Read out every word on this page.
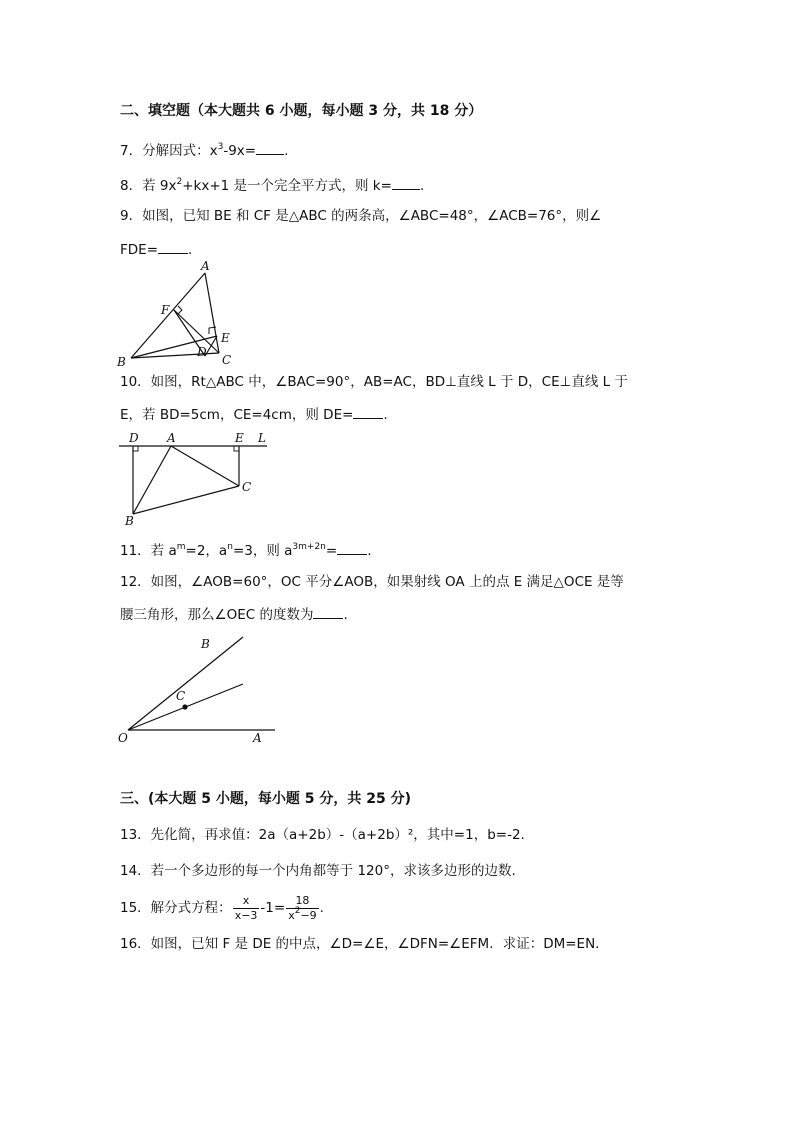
二、填空题（本大题共 6 小题，每小题 3 分，共 18 分）
7．分解因式：$x^3-9x=$ .
8．若 $9x^2+kx+1$ 是一个完全平方式，则 k= .
9．如图，已知 BE 和 CF 是△ABC 的两条高，∠ABC=48°，∠ACB=76°，则∠
FDE= .
A
F
E
D
B	C
10．如图，Rt△ABC 中，∠BAC=90°，AB=AC，BD⊥直线 L 于 D，CE⊥直线 L 于
E，若 BD=5cm，CE=4cm，则 DE= .
D A	E L
C
B
11．若 $a^m=2$，$a^n=3$，则 $a^{3m+2n}=$ .
12．如图，∠AOB=60°，OC 平分∠AOB，如果射线 OA 上的点 E 满足△OCE 是等
腰三角形，那么∠OEC 的度数为 .
B
C
O	A
三、(本大题 5 小题，每小题 5 分，共 25 分)
13．先化简，再求值：2a（a+2b）-（a+2b）²，其中=1，b=-2.
14．若一个多边形的每一个内角都等于 120°，求该多边形的边数.
15．解分式方程： $\frac{x}{x-3} -1= \frac{18}{x^2-9}$ .
16．如图，已知 F 是 DE 的中点，∠D=∠E，∠DFN=∠EFM．求证：DM=EN.
